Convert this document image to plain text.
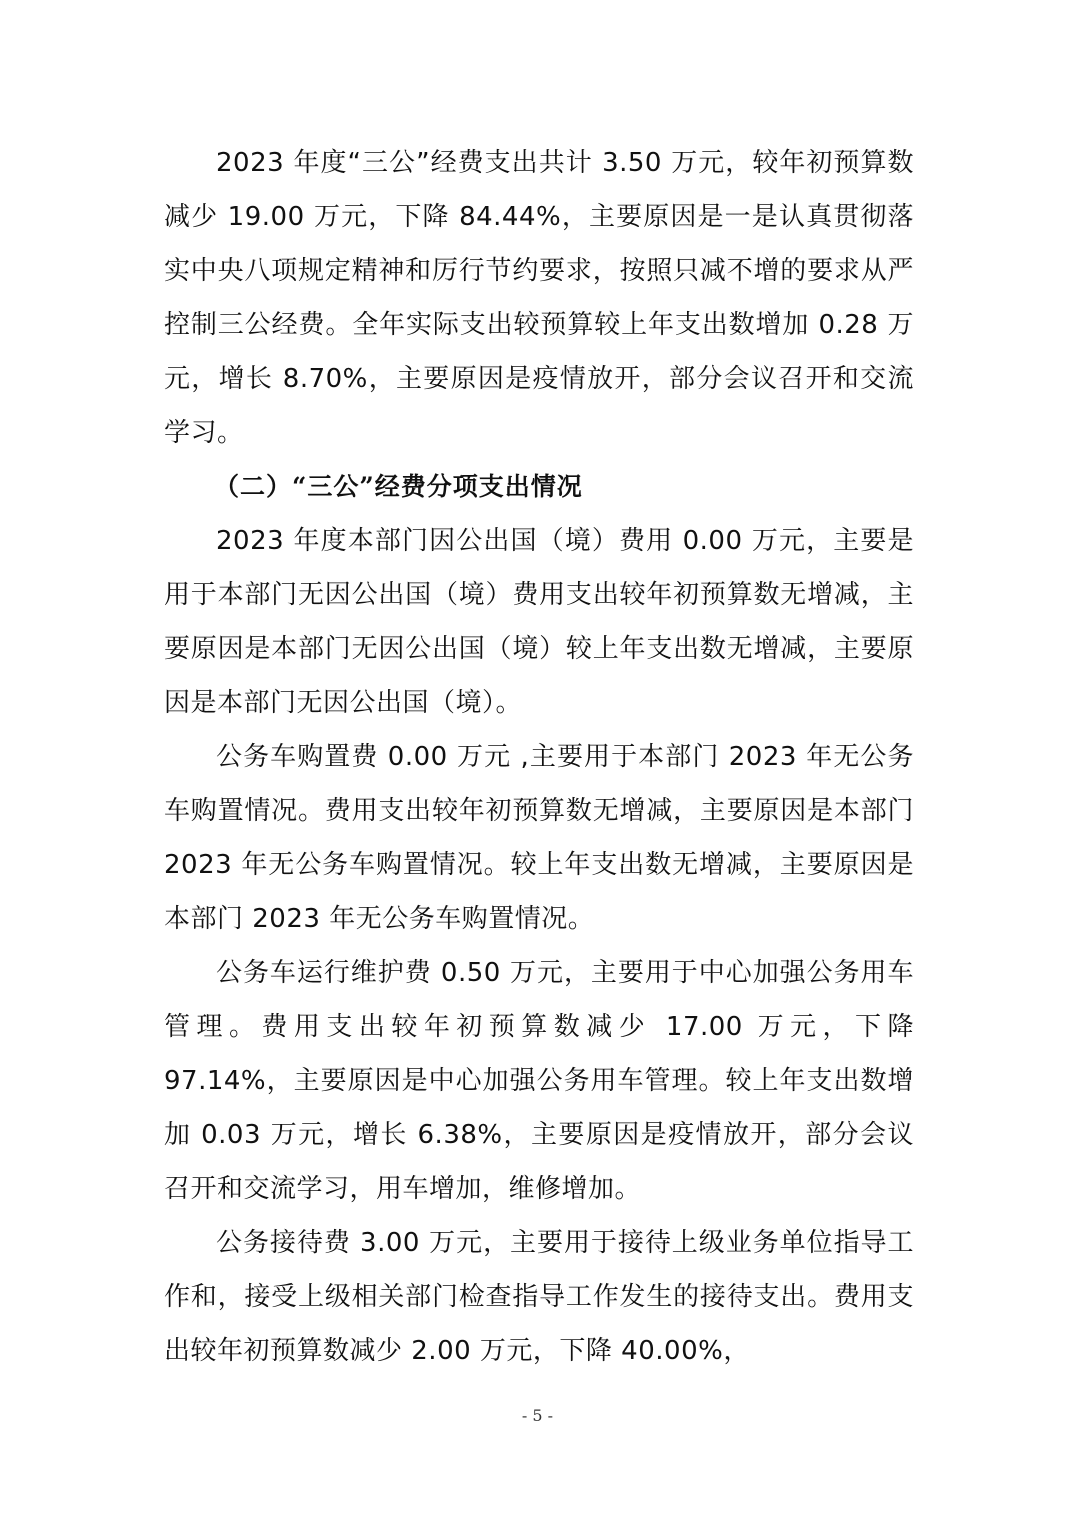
2023 年度“三公”经费支出共计 3.50 万元，较年初预算数减少 19.00 万元，下降 84.44%，主要原因是一是认真贯彻落实中央八项规定精神和厉行节约要求，按照只减不增的要求从严控制三公经费。全年实际支出较预算较上年支出数增加 0.28 万元，增长 8.70%，主要原因是疫情放开，部分会议召开和交流学习。

（二）“三公”经费分项支出情况

2023 年度本部门因公出国（境）费用 0.00 万元，主要是用于本部门无因公出国（境）费用支出较年初预算数无增减，主要原因是本部门无因公出国（境）较上年支出数无增减，主要原因是本部门无因公出国（境）。

公务车购置费 0.00 万元 ,主要用于本部门 2023 年无公务车购置情况。费用支出较年初预算数无增减，主要原因是本部门 2023 年无公务车购置情况。较上年支出数无增减，主要原因是本部门 2023 年无公务车购置情况。

公务车运行维护费 0.50 万元，主要用于中心加强公务用车管理。费用支出较年初预算数减少 17.00 万元，下降 97.14%，主要原因是中心加强公务用车管理。较上年支出数增加 0.03 万元，增长 6.38%，主要原因是疫情放开，部分会议召开和交流学习，用车增加，维修增加。

公务接待费 3.00 万元，主要用于接待上级业务单位指导工作和，接受上级相关部门检查指导工作发生的接待支出。费用支出较年初预算数减少 2.00 万元，下降 40.00%，

- 5 -
